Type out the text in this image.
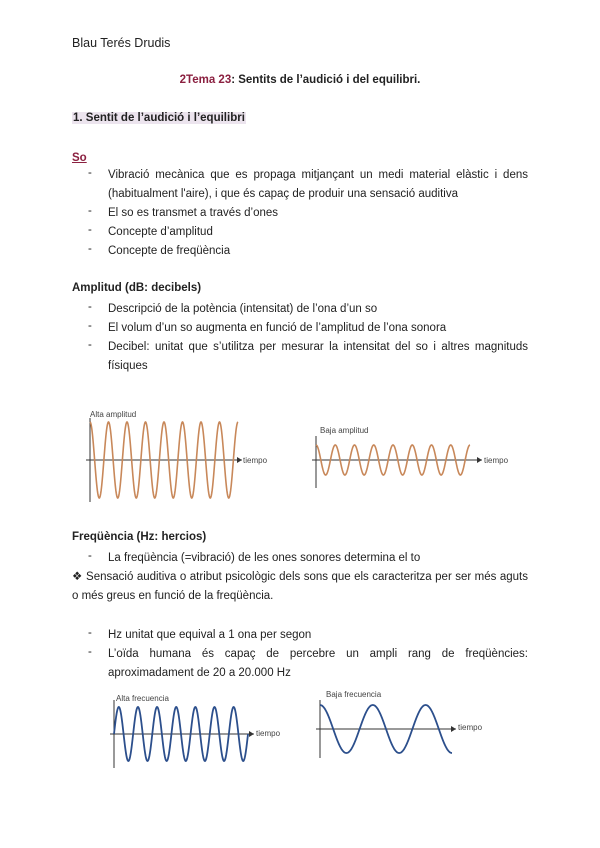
Blau Terés Drudis
2Tema 23: Sentits de l’audició i del equilibri.
1. Sentit de l’audició i l’equilibri
So
- Vibració mecànica que es propaga mitjançant un medi material elàstic i dens (habitualment l'aire), i que és capaç de produir una sensació auditiva
- El so es transmet a través d’ones
- Concepte d’amplitud
- Concepte de freqüència
Amplitud (dB: decibels)
- Descripció de la potència (intensitat) de l’ona d’un so
- El volum d’un so augmenta en funció de l’amplitud de l’ona sonora
- Decibel: unitat que s’utilitza per mesurar la intensitat del so i altres magnituds físiques
Alta amplitud
tiempo
Baja amplitud
tiempo
Freqüència (Hz: hercios)
- La freqüència (=vibració) de les ones sonores determina el to
❖ Sensació auditiva o atribut psicològic dels sons que els caracteritza per ser més aguts o més greus en funció de la freqüència.
- Hz unitat que equival a 1 ona per segon
- L’oïda humana és capaç de percebre un ampli rang de freqüències: aproximadament de 20 a 20.000 Hz
Alta frecuencia
tiempo
Baja frecuencia
tiempo
